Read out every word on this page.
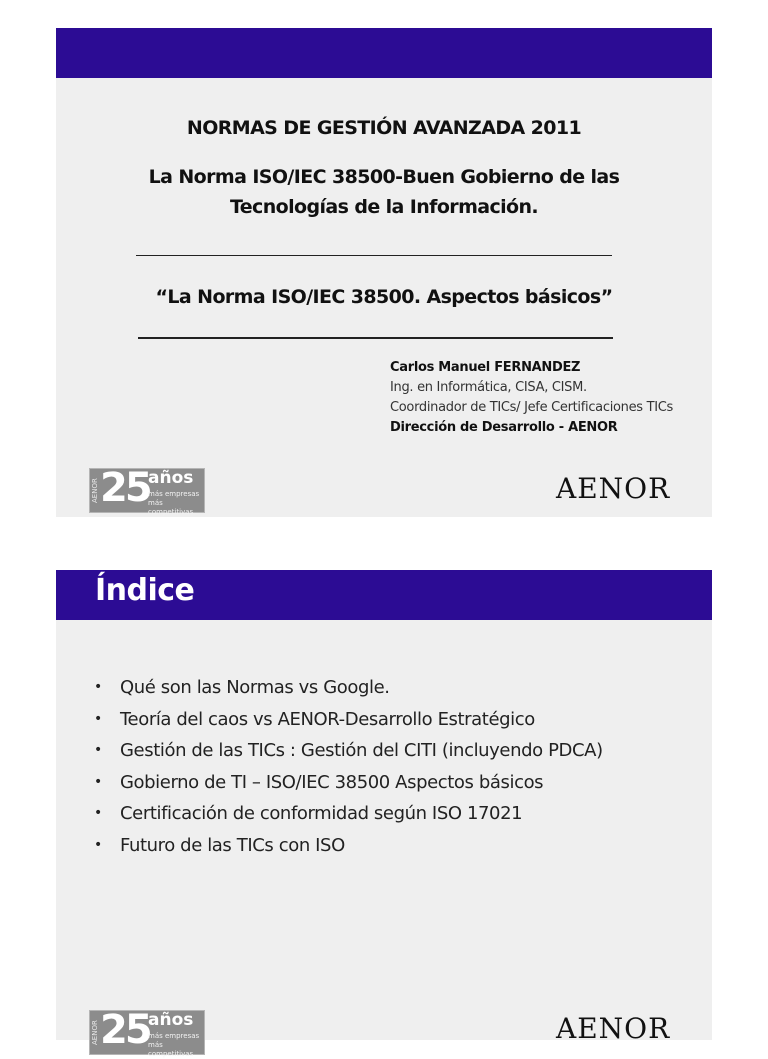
NORMAS DE GESTIÓN AVANZADA 2011
La Norma ISO/IEC 38500-Buen Gobierno de las
Tecnologías de la Información.
“La Norma ISO/IEC 38500. Aspectos básicos”
Carlos Manuel FERNANDEZ
Ing. en Informática, CISA, CISM.
Coordinador de TICs/ Jefe Certificaciones TICs
Dirección de Desarrollo - AENOR
AENOR 25
años
más empresas
más competitivas
AENOR
Índice
• Qué son las Normas vs Google.
• Teoría del caos vs AENOR-Desarrollo Estratégico
• Gestión de las TICs : Gestión del CITI (incluyendo PDCA)
• Gobierno de TI – ISO/IEC 38500 Aspectos básicos
• Certificación de conformidad según ISO 17021
• Futuro de las TICs con ISO
AENOR 25
años
más empresas
más competitivas
AENOR
